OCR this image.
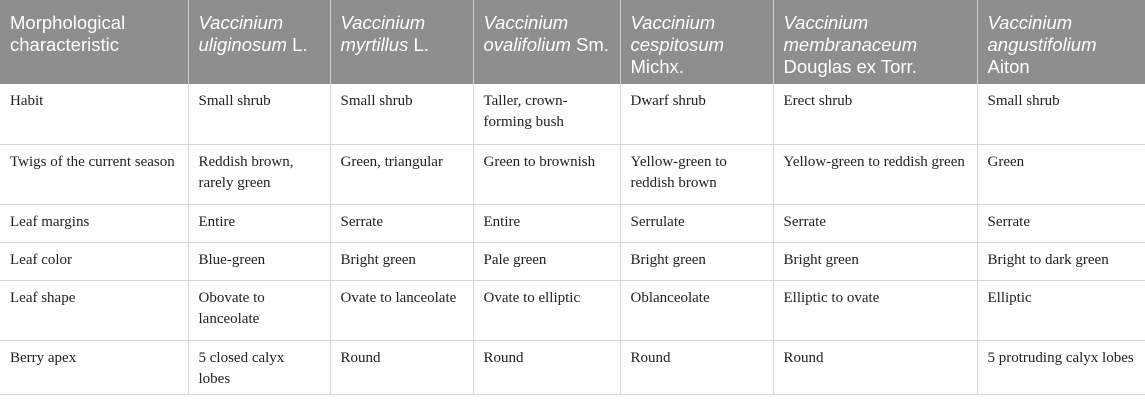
Morphological characteristic	Vaccinium uliginosum L.	Vaccinium myrtillus L.	Vaccinium ovalifolium Sm.	Vaccinium cespitosum Michx.	Vaccinium membranaceum Douglas ex Torr.	Vaccinium angustifolium Aiton
Habit	Small shrub	Small shrub	Taller, crown-forming bush	Dwarf shrub	Erect shrub	Small shrub
Twigs of the current season	Reddish brown, rarely green	Green, triangular	Green to brownish	Yellow-green to reddish brown	Yellow-green to reddish green	Green
Leaf margins	Entire	Serrate	Entire	Serrulate	Serrate	Serrate
Leaf color	Blue-green	Bright green	Pale green	Bright green	Bright green	Bright to dark green
Leaf shape	Obovate to lanceolate	Ovate to lanceolate	Ovate to elliptic	Oblanceolate	Elliptic to ovate	Elliptic
Berry apex	5 closed calyx lobes	Round	Round	Round	Round	5 protruding calyx lobes
